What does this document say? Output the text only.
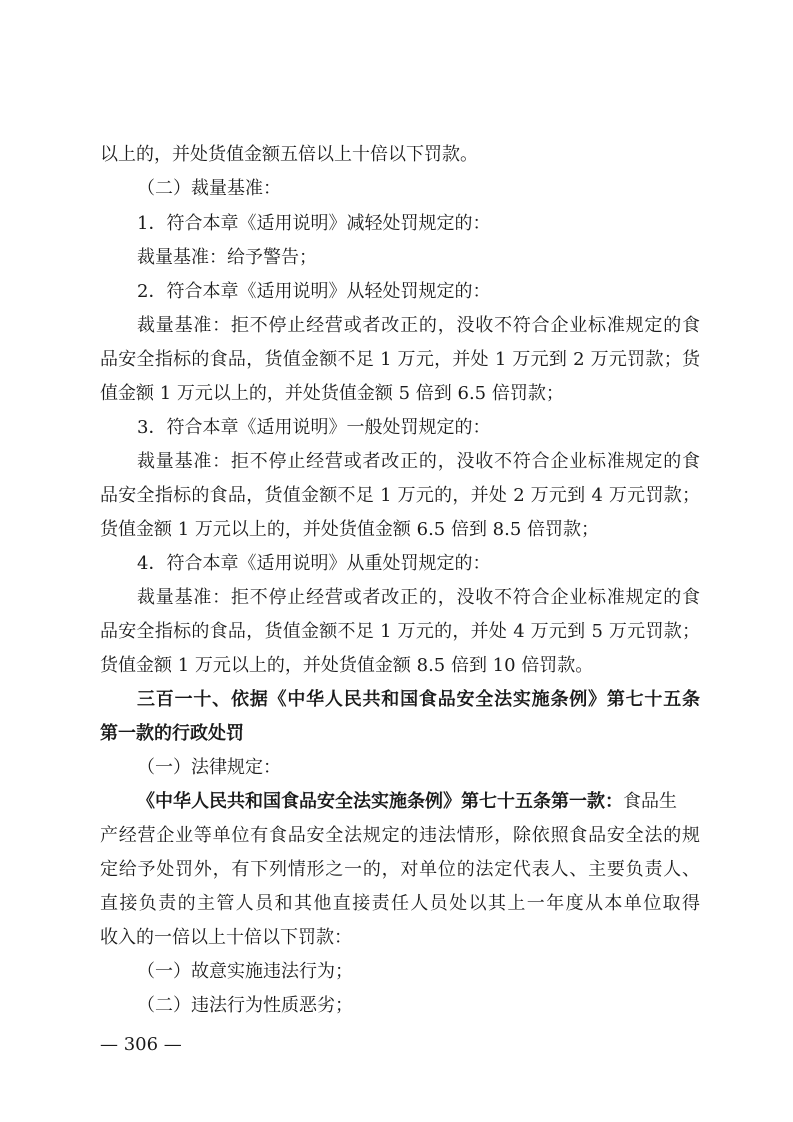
以上的，并处货值金额五倍以上十倍以下罚款。
（二）裁量基准：
1．符合本章《适用说明》减轻处罚规定的：
裁量基准：给予警告；
2．符合本章《适用说明》从轻处罚规定的：
裁量基准：拒不停止经营或者改正的，没收不符合企业标准规定的食
品安全指标的食品，货值金额不足 1 万元，并处 1 万元到 2 万元罚款；货
值金额 1 万元以上的，并处货值金额 5 倍到 6.5 倍罚款；
3．符合本章《适用说明》一般处罚规定的：
裁量基准：拒不停止经营或者改正的，没收不符合企业标准规定的食
品安全指标的食品，货值金额不足 1 万元的，并处 2 万元到 4 万元罚款；
货值金额 1 万元以上的，并处货值金额 6.5 倍到 8.5 倍罚款；
4．符合本章《适用说明》从重处罚规定的：
裁量基准：拒不停止经营或者改正的，没收不符合企业标准规定的食
品安全指标的食品，货值金额不足 1 万元的，并处 4 万元到 5 万元罚款；
货值金额 1 万元以上的，并处货值金额 8.5 倍到 10 倍罚款。
三百一十、依据《中华人民共和国食品安全法实施条例》第七十五条
第一款的行政处罚
（一）法律规定：
《中华人民共和国食品安全法实施条例》第七十五条第一款：食品生
产经营企业等单位有食品安全法规定的违法情形，除依照食品安全法的规
定给予处罚外，有下列情形之一的，对单位的法定代表人、主要负责人、
直接负责的主管人员和其他直接责任人员处以其上一年度从本单位取得
收入的一倍以上十倍以下罚款：
（一）故意实施违法行为；
（二）违法行为性质恶劣；
— 306 —
